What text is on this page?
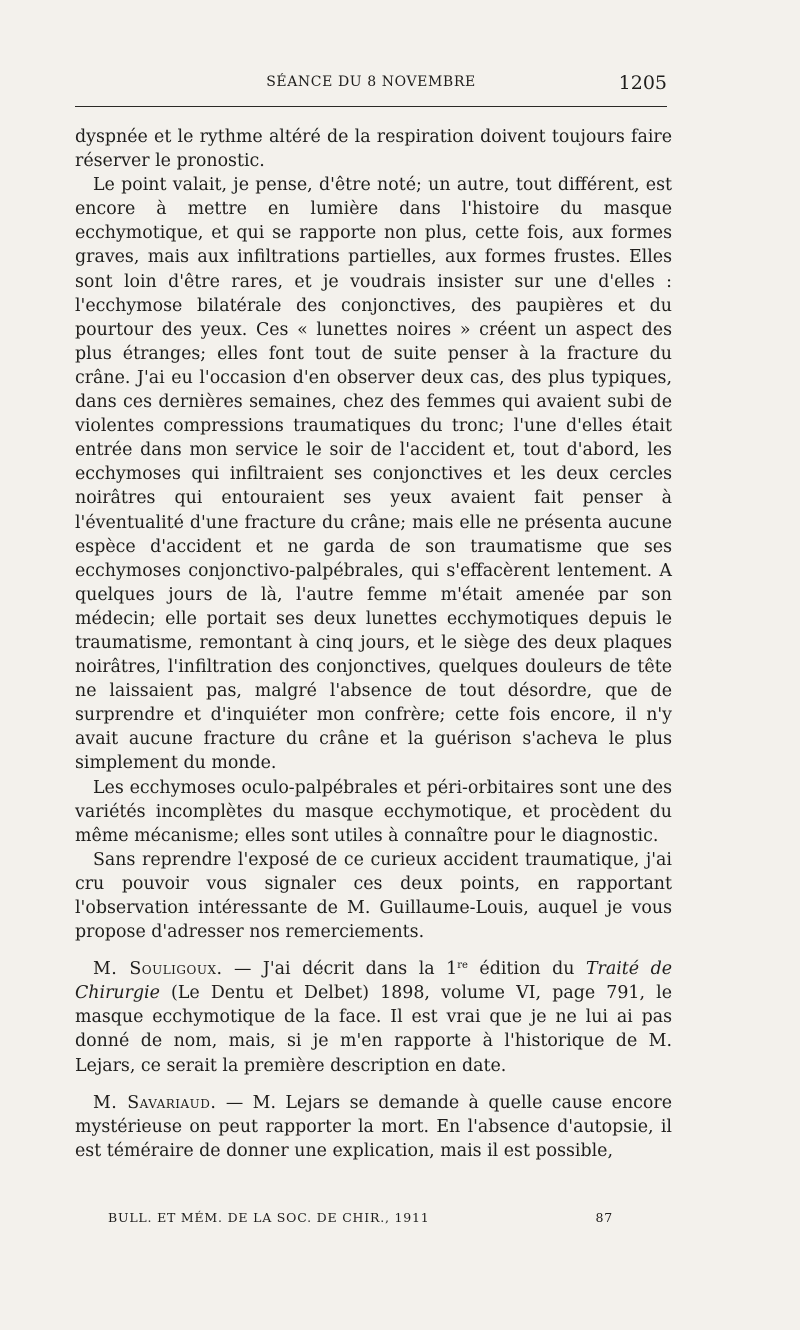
SÉANCE DU 8 NOVEMBRE	1205

dyspnée et le rythme altéré de la respiration doivent toujours faire réserver le pronostic.

Le point valait, je pense, d'être noté; un autre, tout différent, est encore à mettre en lumière dans l'histoire du masque ecchymotique, et qui se rapporte non plus, cette fois, aux formes graves, mais aux infiltrations partielles, aux formes frustes. Elles sont loin d'être rares, et je voudrais insister sur une d'elles : l'ecchymose bilatérale des conjonctives, des paupières et du pourtour des yeux. Ces « lunettes noires » créent un aspect des plus étranges; elles font tout de suite penser à la fracture du crâne. J'ai eu l'occasion d'en observer deux cas, des plus typiques, dans ces dernières semaines, chez des femmes qui avaient subi de violentes compressions traumatiques du tronc; l'une d'elles était entrée dans mon service le soir de l'accident et, tout d'abord, les ecchymoses qui infiltraient ses conjonctives et les deux cercles noirâtres qui entouraient ses yeux avaient fait penser à l'éventualité d'une fracture du crâne; mais elle ne présenta aucune espèce d'accident et ne garda de son traumatisme que ses ecchymoses conjonctivo-palpébrales, qui s'effacèrent lentement. A quelques jours de là, l'autre femme m'était amenée par son médecin; elle portait ses deux lunettes ecchymotiques depuis le traumatisme, remontant à cinq jours, et le siège des deux plaques noirâtres, l'infiltration des conjonctives, quelques douleurs de tête ne laissaient pas, malgré l'absence de tout désordre, que de surprendre et d'inquiéter mon confrère; cette fois encore, il n'y avait aucune fracture du crâne et la guérison s'acheva le plus simplement du monde.

Les ecchymoses oculo-palpébrales et péri-orbitaires sont une des variétés incomplètes du masque ecchymotique, et procèdent du même mécanisme; elles sont utiles à connaître pour le diagnostic.

Sans reprendre l'exposé de ce curieux accident traumatique, j'ai cru pouvoir vous signaler ces deux points, en rapportant l'observation intéressante de M. Guillaume-Louis, auquel je vous propose d'adresser nos remerciements.

M. Souligoux. — J'ai décrit dans la 1re édition du Traité de Chirurgie (Le Dentu et Delbet) 1898, volume VI, page 791, le masque ecchymotique de la face. Il est vrai que je ne lui ai pas donné de nom, mais, si je m'en rapporte à l'historique de M. Lejars, ce serait la première description en date.

M. Savariaud. — M. Lejars se demande à quelle cause encore mystérieuse on peut rapporter la mort. En l'absence d'autopsie, il est téméraire de donner une explication, mais il est possible,

BULL. ET MÉM. DE LA SOC. DE CHIR., 1911	87
